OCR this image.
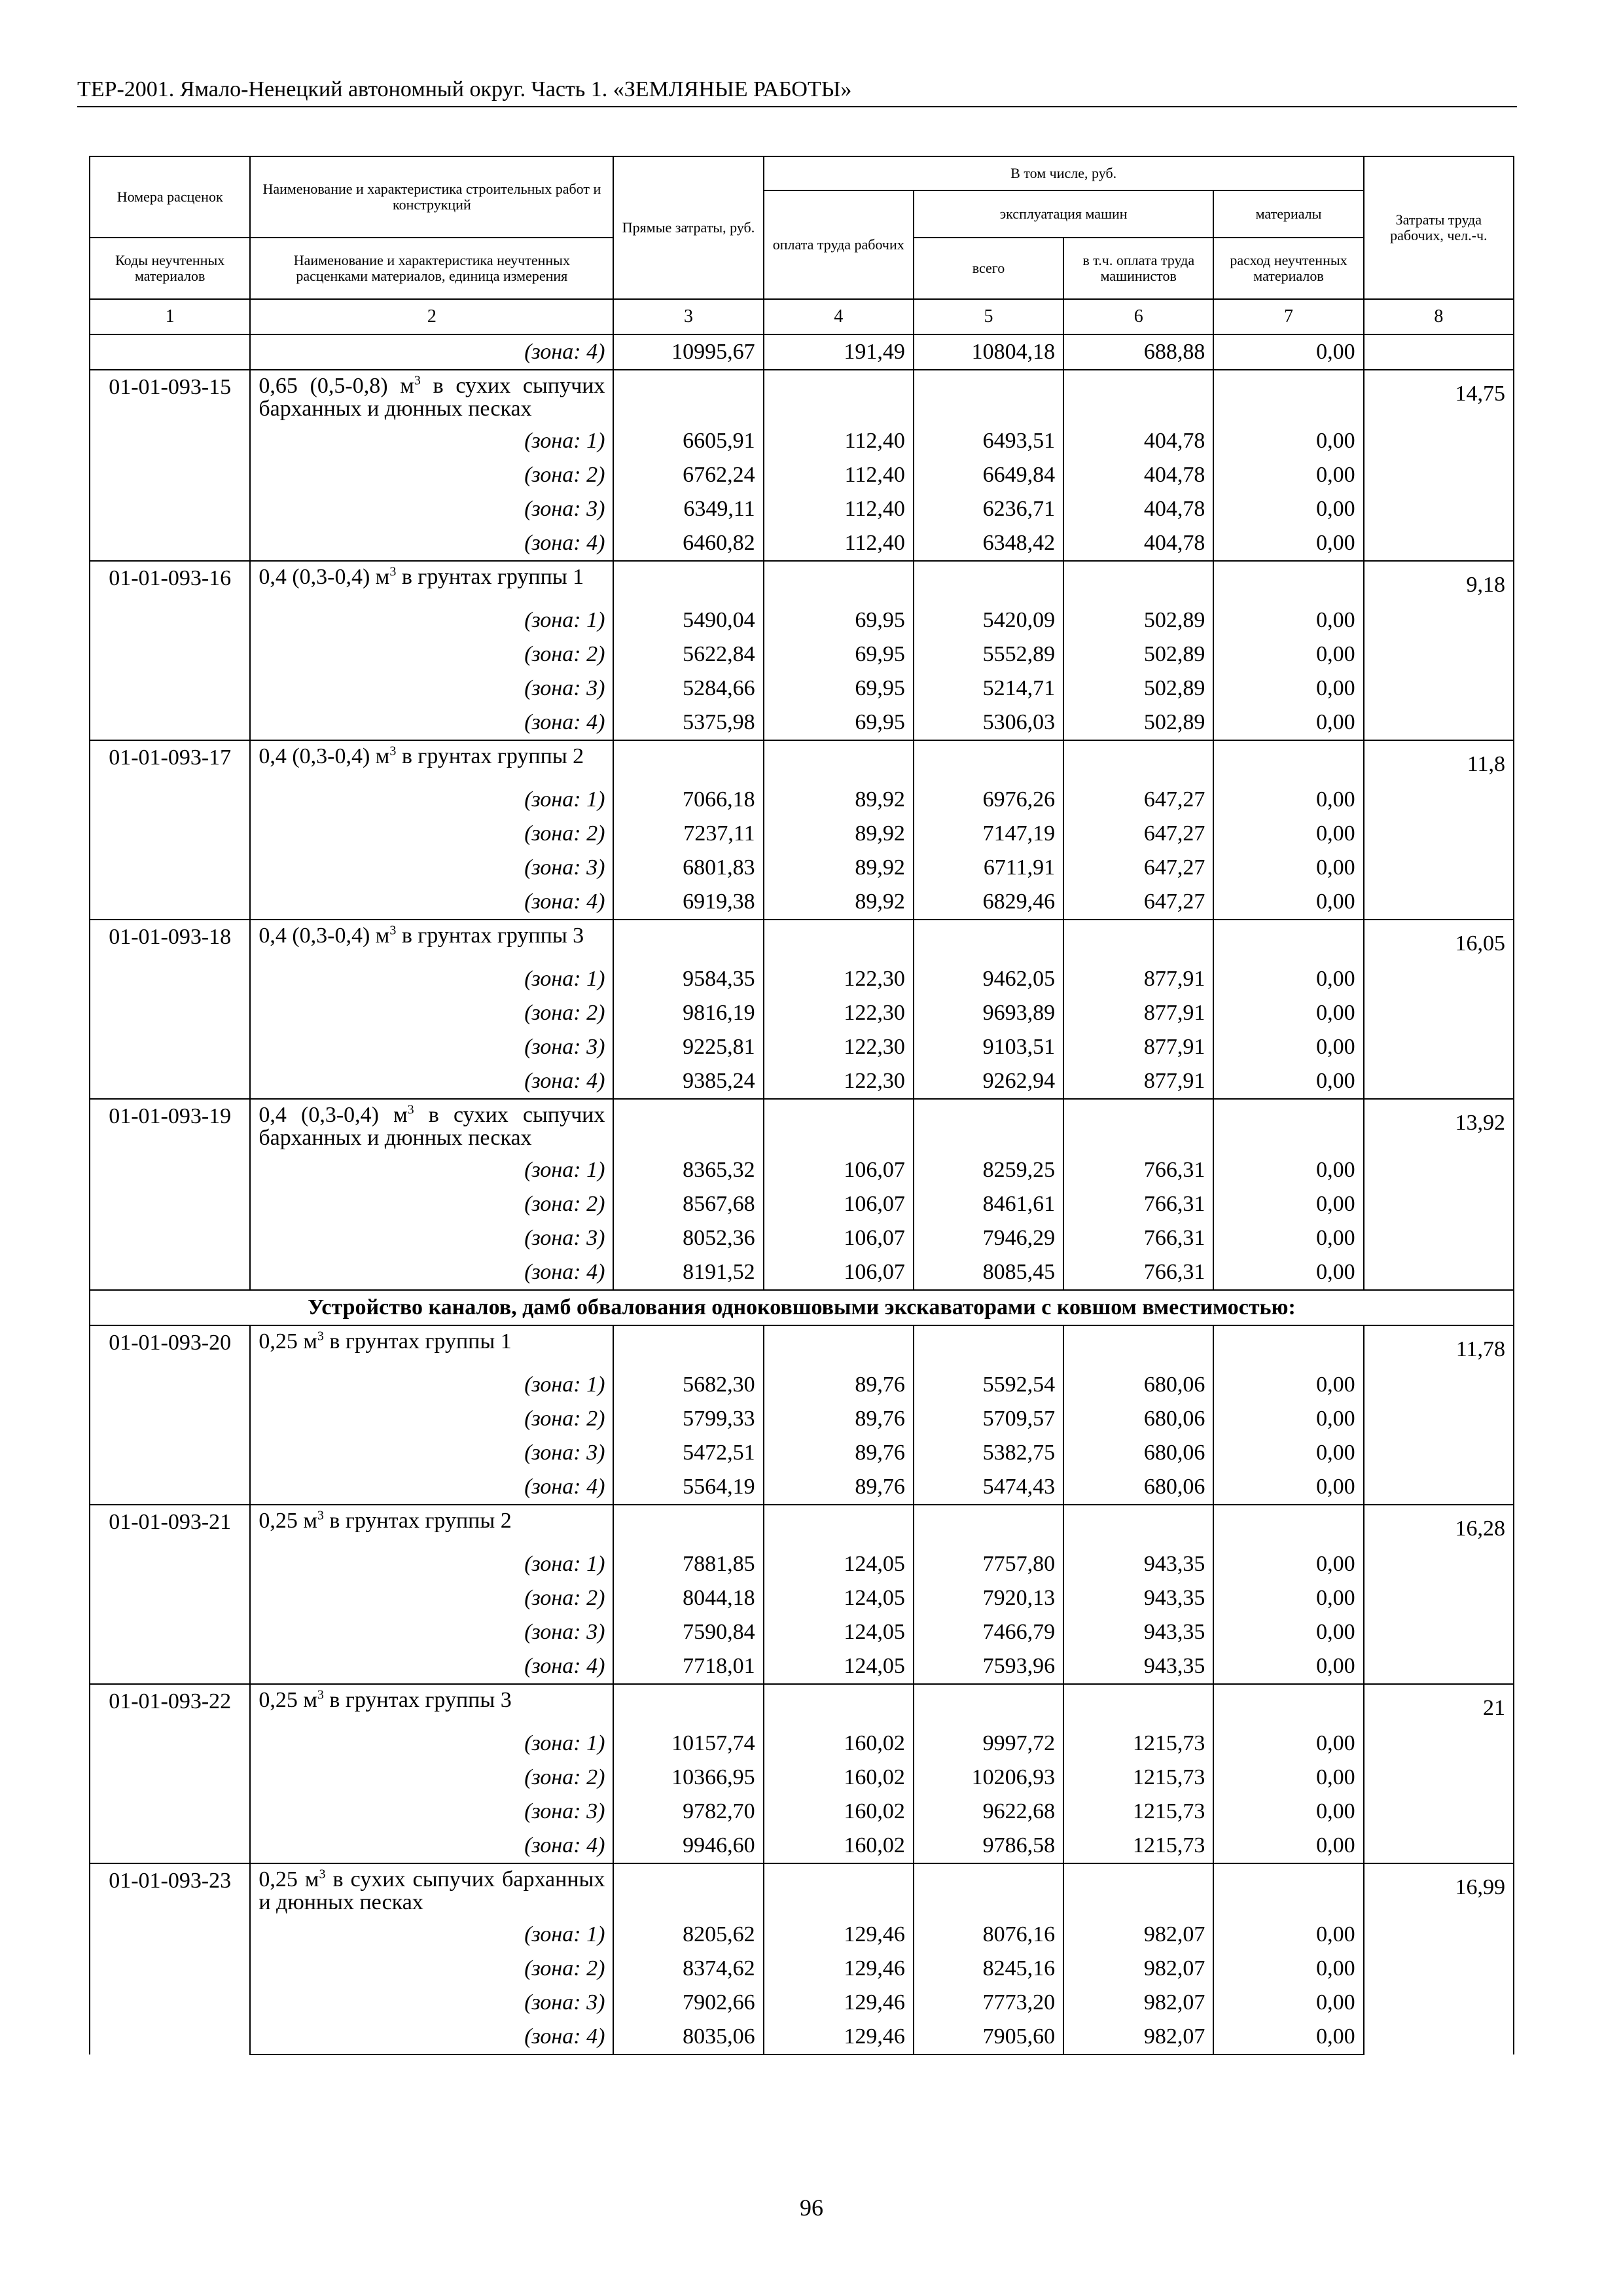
ТЕР-2001. Ямало-Ненецкий автономный округ. Часть 1. «ЗЕМЛЯНЫЕ РАБОТЫ»
Номера расценок	Наименование и характеристика строительных работ и конструкций	Прямые затраты, руб.	В том числе, руб.				Затраты труда рабочих, чел.-ч.
			оплата труда рабочих	эксплуатация машин		материалы	
Коды неучтенных материалов	Наименование и характеристика неучтенных расценками материалов, единица измерения			всего	в т.ч. оплата труда машинистов	расход неучтенных материалов	
1	2	3	4	5	6	7	8
	(зона: 4)	10995,67	191,49	10804,18	688,88	0,00	
01-01-093-15	0,65 (0,5-0,8) $м^3$ в сухих сыпучих барханных и дюнных песках						14,75
	(зона: 1)	6605,91	112,40	6493,51	404,78	0,00	
	(зона: 2)	6762,24	112,40	6649,84	404,78	0,00	
	(зона: 3)	6349,11	112,40	6236,71	404,78	0,00	
	(зона: 4)	6460,82	112,40	6348,42	404,78	0,00	
01-01-093-16	0,4 (0,3-0,4) $м^3$ в грунтах группы 1						9,18
	(зона: 1)	5490,04	69,95	5420,09	502,89	0,00	
	(зона: 2)	5622,84	69,95	5552,89	502,89	0,00	
	(зона: 3)	5284,66	69,95	5214,71	502,89	0,00	
	(зона: 4)	5375,98	69,95	5306,03	502,89	0,00	
01-01-093-17	0,4 (0,3-0,4) $м^3$ в грунтах группы 2						11,8
	(зона: 1)	7066,18	89,92	6976,26	647,27	0,00	
	(зона: 2)	7237,11	89,92	7147,19	647,27	0,00	
	(зона: 3)	6801,83	89,92	6711,91	647,27	0,00	
	(зона: 4)	6919,38	89,92	6829,46	647,27	0,00	
01-01-093-18	0,4 (0,3-0,4) $м^3$ в грунтах группы 3						16,05
	(зона: 1)	9584,35	122,30	9462,05	877,91	0,00	
	(зона: 2)	9816,19	122,30	9693,89	877,91	0,00	
	(зона: 3)	9225,81	122,30	9103,51	877,91	0,00	
	(зона: 4)	9385,24	122,30	9262,94	877,91	0,00	
01-01-093-19	0,4 (0,3-0,4) $м^3$ в сухих сыпучих барханных и дюнных песках						13,92
	(зона: 1)	8365,32	106,07	8259,25	766,31	0,00	
	(зона: 2)	8567,68	106,07	8461,61	766,31	0,00	
	(зона: 3)	8052,36	106,07	7946,29	766,31	0,00	
	(зона: 4)	8191,52	106,07	8085,45	766,31	0,00	
Устройство каналов, дамб обвалования одноковшовыми экскаваторами с ковшом вместимостью:							
01-01-093-20	0,25 $м^3$ в грунтах группы 1						11,78
	(зона: 1)	5682,30	89,76	5592,54	680,06	0,00	
	(зона: 2)	5799,33	89,76	5709,57	680,06	0,00	
	(зона: 3)	5472,51	89,76	5382,75	680,06	0,00	
	(зона: 4)	5564,19	89,76	5474,43	680,06	0,00	
01-01-093-21	0,25 $м^3$ в грунтах группы 2						16,28
	(зона: 1)	7881,85	124,05	7757,80	943,35	0,00	
	(зона: 2)	8044,18	124,05	7920,13	943,35	0,00	
	(зона: 3)	7590,84	124,05	7466,79	943,35	0,00	
	(зона: 4)	7718,01	124,05	7593,96	943,35	0,00	
01-01-093-22	0,25 $м^3$ в грунтах группы 3						21
	(зона: 1)	10157,74	160,02	9997,72	1215,73	0,00	
	(зона: 2)	10366,95	160,02	10206,93	1215,73	0,00	
	(зона: 3)	9782,70	160,02	9622,68	1215,73	0,00	
	(зона: 4)	9946,60	160,02	9786,58	1215,73	0,00	
01-01-093-23	0,25 $м^3$ в сухих сыпучих барханных и дюнных песках						16,99
	(зона: 1)	8205,62	129,46	8076,16	982,07	0,00	
	(зона: 2)	8374,62	129,46	8245,16	982,07	0,00	
	(зона: 3)	7902,66	129,46	7773,20	982,07	0,00	
	(зона: 4)	8035,06	129,46	7905,60	982,07	0,00	
96
